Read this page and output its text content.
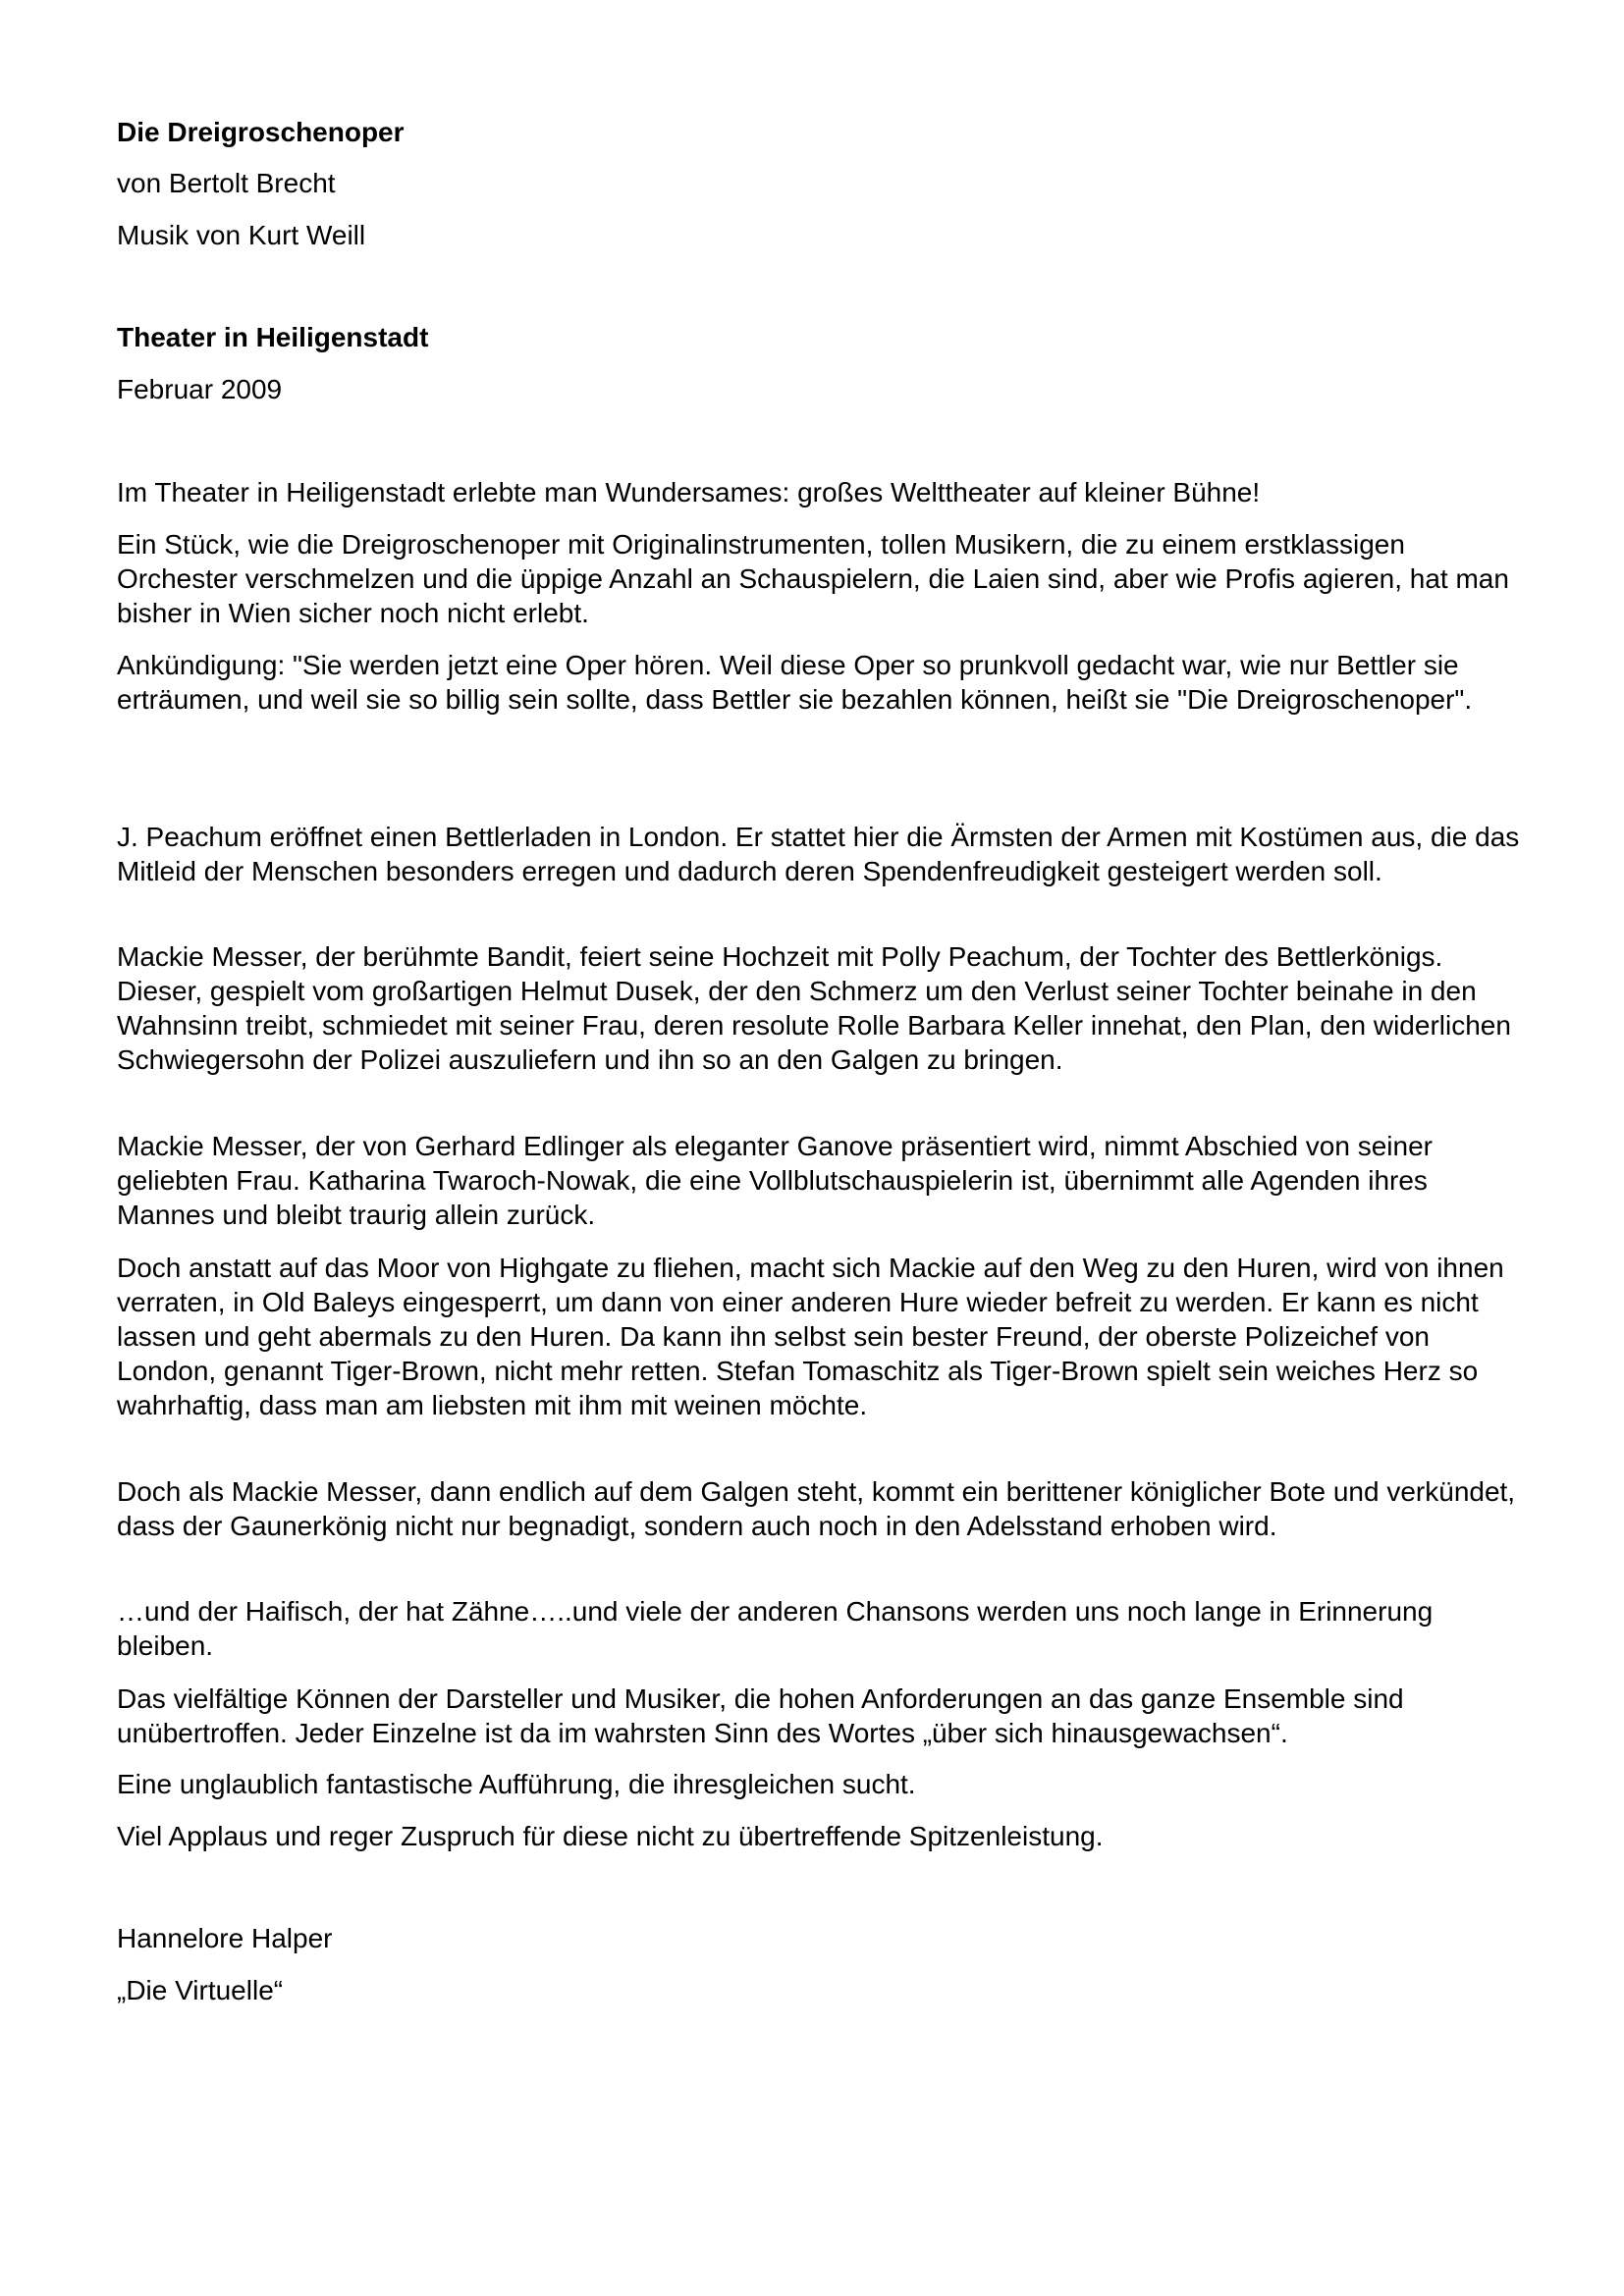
Die Dreigroschenoper

von Bertolt Brecht

Musik von Kurt Weill

Theater in Heiligenstadt

Februar 2009

Im Theater in Heiligenstadt erlebte man Wundersames: großes Welttheater auf kleiner Bühne!

Ein Stück, wie die Dreigroschenoper mit Originalinstrumenten, tollen Musikern, die zu einem erstklassigen Orchester verschmelzen und die üppige Anzahl an Schauspielern, die Laien sind, aber wie Profis agieren, hat man bisher in Wien sicher noch nicht erlebt.

Ankündigung: "Sie werden jetzt eine Oper hören. Weil diese Oper so prunkvoll gedacht war, wie nur Bettler sie erträumen, und weil sie so billig sein sollte, dass Bettler sie bezahlen können, heißt sie "Die Dreigroschenoper".

J. Peachum eröffnet einen Bettlerladen in London. Er stattet hier die Ärmsten der Armen mit Kostümen aus, die das Mitleid der Menschen besonders erregen und dadurch deren Spendenfreudigkeit gesteigert werden soll.

Mackie Messer, der berühmte Bandit, feiert seine Hochzeit mit Polly Peachum, der Tochter des Bettlerkönigs. Dieser, gespielt vom großartigen Helmut Dusek, der den Schmerz um den Verlust seiner Tochter beinahe in den Wahnsinn treibt, schmiedet mit seiner Frau, deren resolute Rolle Barbara Keller innehat, den Plan, den widerlichen Schwiegersohn der Polizei auszuliefern und ihn so an den Galgen zu bringen.

Mackie Messer, der von Gerhard Edlinger als eleganter Ganove präsentiert wird, nimmt Abschied von seiner geliebten Frau. Katharina Twaroch-Nowak, die eine Vollblutschauspielerin ist, übernimmt alle Agenden ihres Mannes und bleibt traurig allein zurück.

Doch anstatt auf das Moor von Highgate zu fliehen, macht sich Mackie auf den Weg zu den Huren, wird von ihnen verraten, in Old Baleys eingesperrt, um dann von einer anderen Hure wieder befreit zu werden. Er kann es nicht lassen und geht abermals zu den Huren. Da kann ihn selbst sein bester Freund, der oberste Polizeichef von London, genannt Tiger-Brown, nicht mehr retten. Stefan Tomaschitz als Tiger-Brown spielt sein weiches Herz so wahrhaftig, dass man am liebsten mit ihm mit weinen möchte.

Doch als Mackie Messer, dann endlich auf dem Galgen steht, kommt ein berittener königlicher Bote und verkündet, dass der Gaunerkönig nicht nur begnadigt, sondern auch noch in den Adelsstand erhoben wird.

…und der Haifisch, der hat Zähne…..und viele der anderen Chansons werden uns noch lange in Erinnerung bleiben.

Das vielfältige Können der Darsteller und Musiker, die hohen Anforderungen an das ganze Ensemble sind unübertroffen. Jeder Einzelne ist da im wahrsten Sinn des Wortes „über sich hinausgewachsen“.

Eine unglaublich fantastische Aufführung, die ihresgleichen sucht.

Viel Applaus und reger Zuspruch für diese nicht zu übertreffende Spitzenleistung.

Hannelore Halper

„Die Virtuelle“
